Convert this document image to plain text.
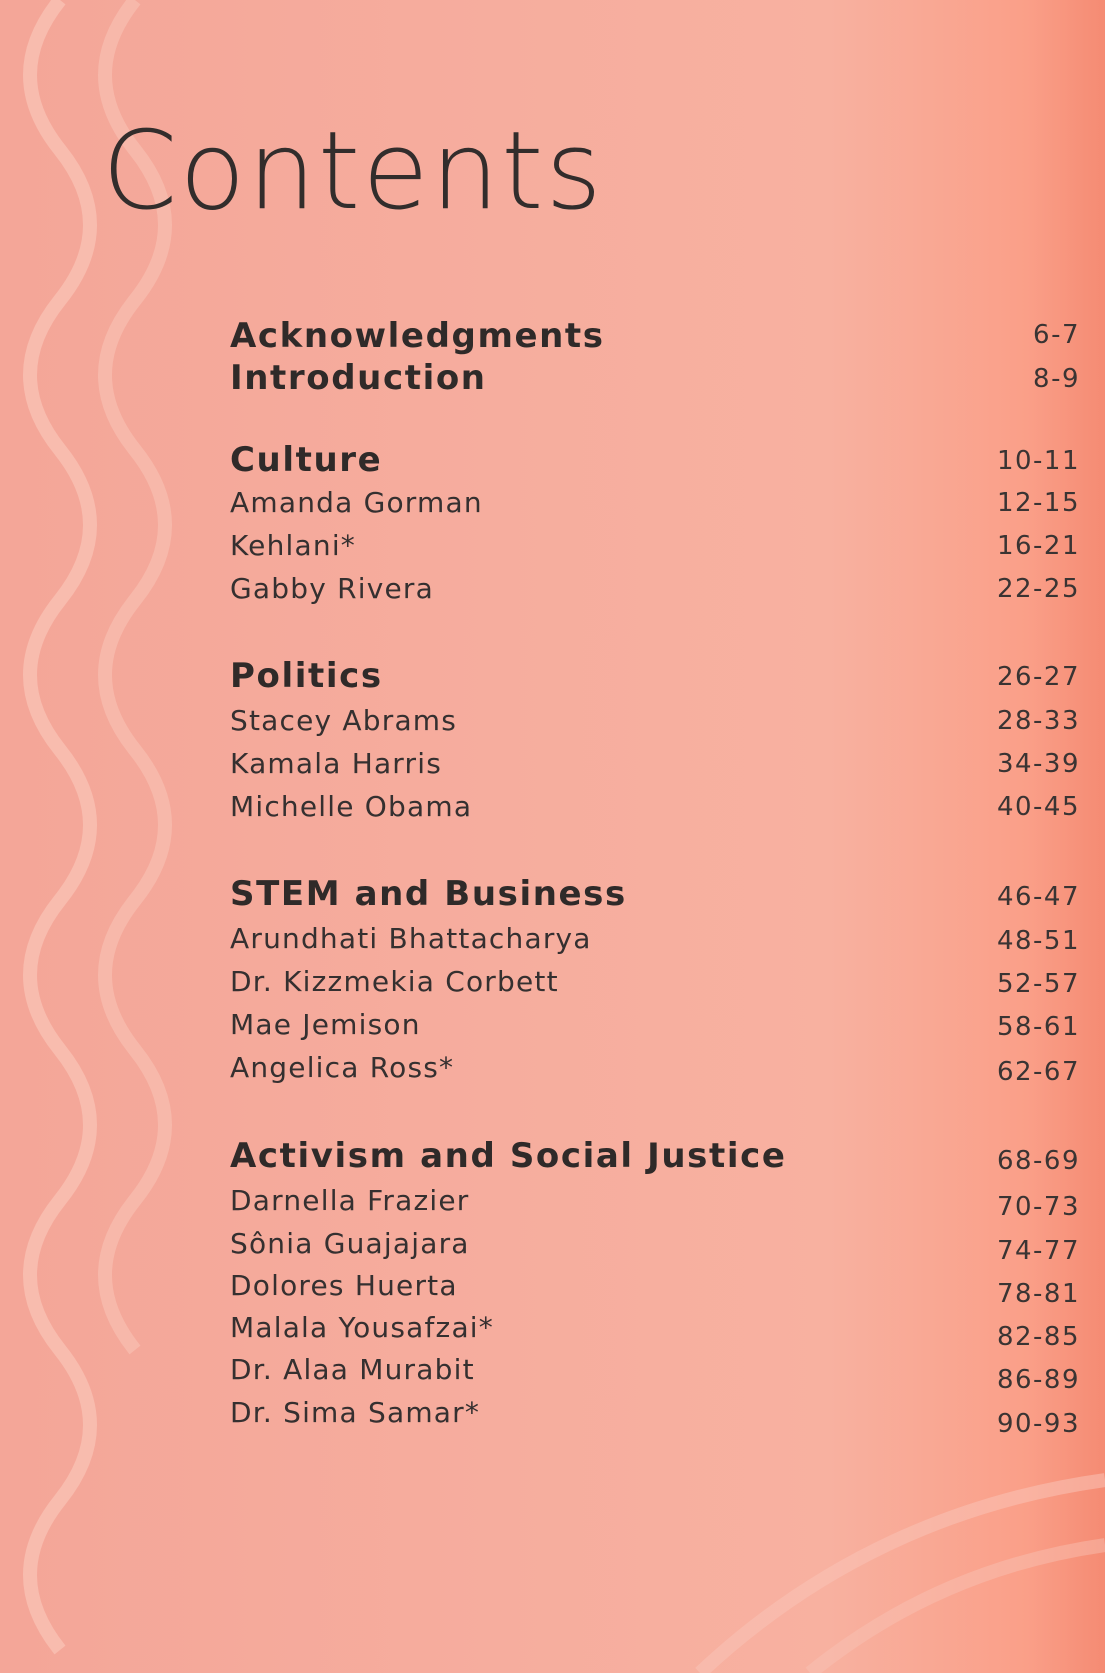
Contents
Acknowledgments	6-7
Introduction	8-9
Culture	10-11
Amanda Gorman	12-15
Kehlani*	16-21
Gabby Rivera	22-25
Politics	26-27
Stacey Abrams	28-33
Kamala Harris	34-39
Michelle Obama	40-45
STEM and Business	46-47
Arundhati Bhattacharya	48-51
Dr. Kizzmekia Corbett	52-57
Mae Jemison	58-61
Angelica Ross*	62-67
Activism and Social Justice	68-69
Darnella Frazier	70-73
Sônia Guajajara	74-77
Dolores Huerta	78-81
Malala Yousafzai*	82-85
Dr. Alaa Murabit	86-89
Dr. Sima Samar*	90-93
